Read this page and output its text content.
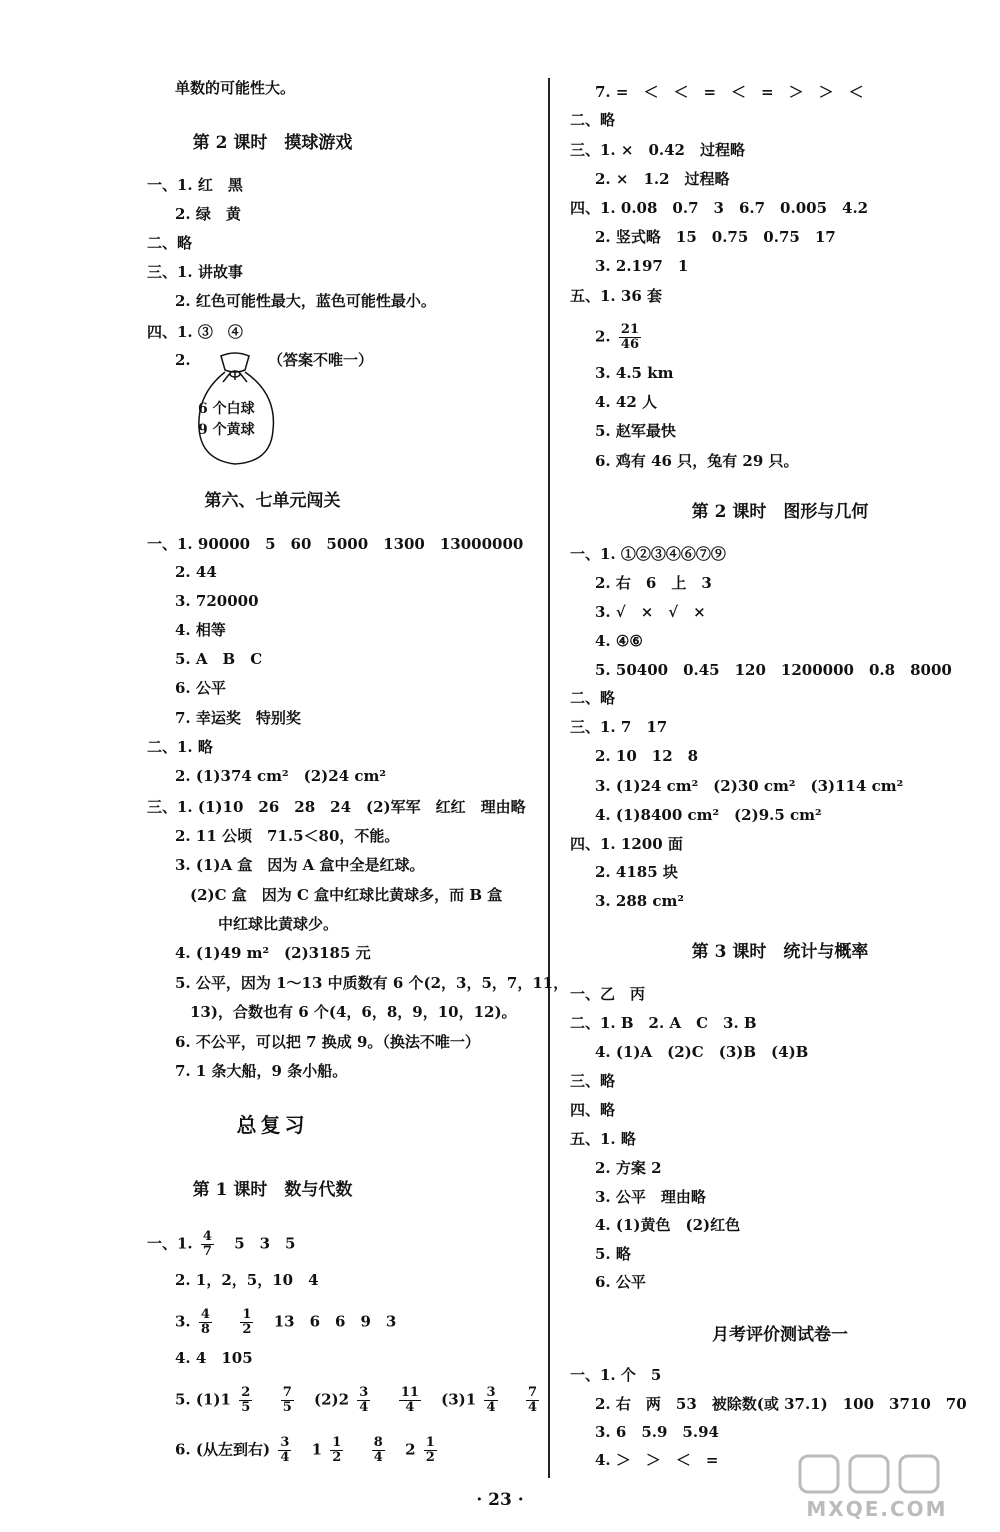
单数的可能性大。
第 2 课时　摸球游戏
一、1. 红　黑
2. 绿　黄
二、略
三、1. 讲故事
2. 红色可能性最大，蓝色可能性最小。
四、1. ③　④
2.	（答案不唯一）
6 个白球
9 个黄球
第六、七单元闯关
一、1. 90000　5　60　5000　1300　13000000
2. 44
3. 720000
4. 相等
5. A　B　C
6. 公平
7. 幸运奖　特别奖
二、1. 略
2. (1)374 cm²　(2)24 cm²
三、1. (1)10　26　28　24　(2)军军　红红　理由略
2. 11 公顷　71.5＜80，不能。
3. (1)A 盒　因为 A 盒中全是红球。
(2)C 盒　因为 C 盒中红球比黄球多，而 B 盒
中红球比黄球少。
4. (1)49 m²　(2)3185 元
5. 公平，因为 1～13 中质数有 6 个(2，3，5，7，11，
13)，合数也有 6 个(4，6，8，9，10，12)。
6. 不公平，可以把 7 换成 9。（换法不唯一）
7. 1 条大船，9 条小船。
总复习
第 1 课时　数与代数
一、1. $\frac{4}{7} 5$　3　5
2. 1，2，5，10　4
3. $\frac{4}{8}$
$\frac{1}{2} 13$　6　6　9　3
4. 4　105
5. $(1)1 \frac{2}{5}$
$\frac{7}{5} (2)2 \frac{3}{4}$
$\frac{11}{4} (3)1 \frac{3}{4}$
$\frac{7}{4}$
6. (从左到右) $\frac{3}{4} 1 \frac{1}{2}$
$\frac{8}{4} 2 \frac{1}{2}$
7. =　＜　＜　=　＜　=　＞　＞　＜
二、略
三、1. ×　0.42　过程略
2. ×　1.2　过程略
四、1. 0.08　0.7　3　6.7　0.005　4.2
2. 竖式略　15　0.75　0.75　17
3. 2.197　1
五、1. 36 套
2. $\frac{21}{46}$
3. 4.5 km
4. 42 人
5. 赵军最快
6. 鸡有 46 只，兔有 29 只。
第 2 课时　图形与几何
一、1. ①②③④⑥⑦⑨
2. 右　6　上　3
3. √　×　√　×
4. ④⑥
5. 50400　0.45　120　1200000　0.8　8000
二、略
三、1. 7　17
2. 10　12　8
3. (1)24 cm²　(2)30 cm²　(3)114 cm²
4. (1)8400 cm²　(2)9.5 cm²
四、1. 1200 面
2. 4185 块
3. 288 cm²
第 3 课时　统计与概率
一、乙　丙
二、1. B　2. A　C　3. B
4. (1)A　(2)C　(3)B　(4)B
三、略
四、略
五、1. 略
2. 方案 2
3. 公平　理由略
4. (1)黄色　(2)红色
5. 略
6. 公平
月考评价测试卷一
一、1. 个　5
2. 右　两　53　被除数(或 37.1)　100　3710　70
3. 6　5.9　5.94
4. ＞　＞　＜　=
· 23 ·	MXQE.COM
